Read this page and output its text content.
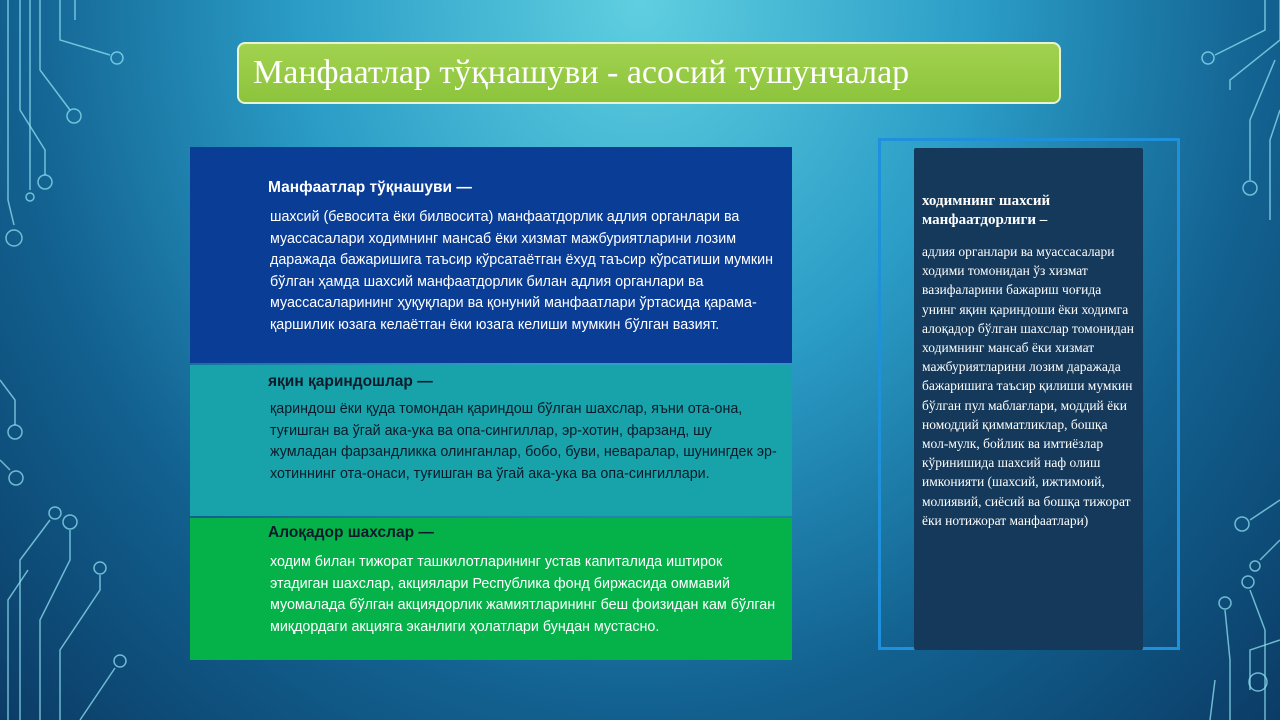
Манфаатлар тўқнашуви - асосий тушунчалар
Манфаатлар тўқнашуви —
шахсий (бевосита ёки билвосита) манфаатдорлик адлия органлари ва муассасалари ходимнинг мансаб ёки хизмат мажбуриятларини лозим даражада бажаришига таъсир кўрсатаётган ёхуд таъсир кўрсатиши мумкин бўлган ҳамда шахсий манфаатдорлик билан адлия органлари ва муассасаларининг ҳуқуқлари ва қонуний манфаатлари ўртасида қарама-қаршилик юзага келаётган ёки юзага келиши мумкин бўлган вазият.
яқин қариндошлар —
қариндош ёки қуда томондан қариндош бўлган шахслар, яъни ота-она, туғишган ва ўгай ака-ука ва опа-сингиллар, эр-хотин, фарзанд, шу жумладан фарзандликка олинганлар, бобо, буви, неваралар, шунингдек эр-хотиннинг ота-онаси, туғишган ва ўгай ака-ука ва опа-сингиллари.
Алоқадор шахслар —
ходим билан тижорат ташкилотларининг устав капиталида иштирок этадиган шахслар, акциялари Республика фонд биржасида оммавий муомалада бўлган акциядорлик жамиятларининг беш фоизидан кам бўлган миқдордаги акцияга эканлиги ҳолатлари бундан мустасно.
ходимнинг шахсий манфаатдорлиги –
адлия органлари ва муассасалари ходими томонидан ўз хизмат вазифаларини бажариш чоғида унинг яқин қариндоши ёки ходимга алоқадор бўлган шахслар томонидан ходимнинг мансаб ёки хизмат мажбуриятларини лозим даражада бажаришига таъсир қилиши мумкин бўлган пул маблағлари, моддий ёки номоддий қимматликлар, бошқа мол-мулк, бойлик ва имтиёзлар кўринишида шахсий наф олиш имконияти (шахсий, ижтимоий, молиявий, сиёсий ва бошқа тижорат ёки нотижорат манфаатлари)
